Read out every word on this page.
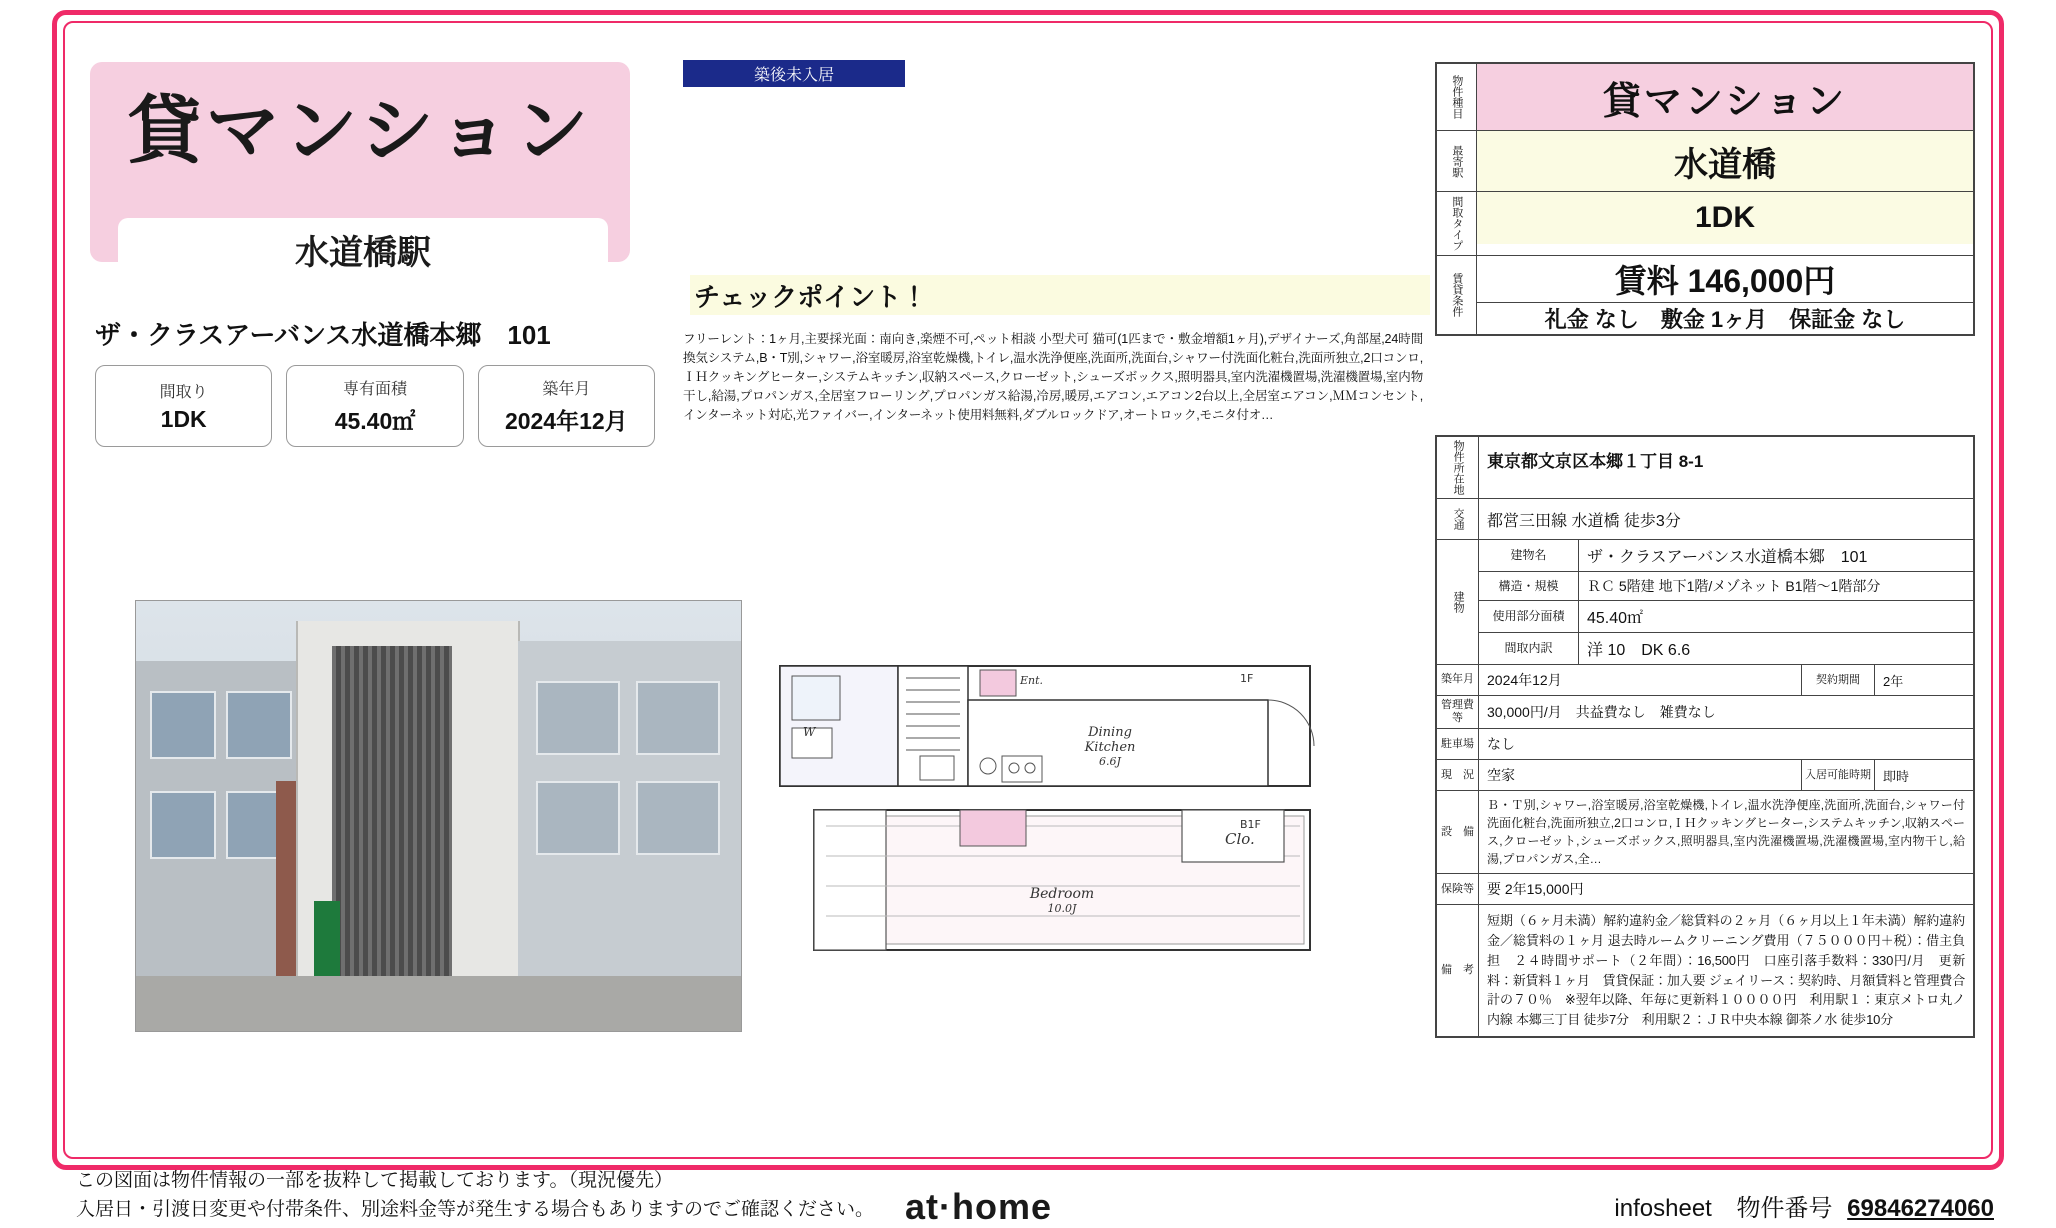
貸マンション
水道橋駅
ザ・クラスアーバンス水道橋本郷　101
間取り
1DK
専有面積
45.40㎡
築年月
2024年12月
築後未入居
チェックポイント！
フリーレント：1ヶ月,主要採光面：南向き,楽煙不可,ペット相談 小型犬可 猫可(1匹まで・敷金増額1ヶ月),デザイナーズ,角部屋,24時間換気システム,B・T別,シャワー,浴室暖房,浴室乾燥機,トイレ,温水洗浄便座,洗面所,洗面台,シャワー付洗面化粧台,洗面所独立,2口コンロ,ＩＨクッキングヒーター,システムキッチン,収納スペース,クローゼット,シューズボックス,照明器具,室内洗濯機置場,洗濯機置場,室内物干し,給湯,プロパンガス,全居室フローリング,プロパンガス給湯,冷房,暖房,エアコン,エアコン2台以上,全居室エアコン,ＭＭコンセント,インターネット対応,光ファイバー,インターネット使用料無料,ダブルロックドア,オートロック,モニタ付オ…
Dining
Kitchen
6.6J
Ent.
W
1F
Clo.
Bedroom
10.0J
B1F
物件種目	貸マンション
最寄駅	水道橋
間取タイプ	1DK
賃貸条件	賃料 146,000円
礼金 なし　敷金 1ヶ月　保証金 なし
物件所在地	東京都文京区本郷１丁目 8-1
交通	都営三田線 水道橋 徒歩3分
建物
建物名	ザ・クラスアーバンス水道橋本郷　101
構造・規模	ＲＣ 5階建 地下1階/メゾネット B1階～1階部分
使用部分面積	45.40㎡
間取内訳	洋 10　DK 6.6
築年月 2024年12月	契約期間	2年
管理費等	30,000円/月　共益費なし　雑費なし
駐車場 なし
現　況 空家	入居可能時期 即時
設　備
Ｂ・Ｔ別,シャワー,浴室暖房,浴室乾燥機,トイレ,温水洗浄便座,洗面所,洗面台,シャワー付洗面化粧台,洗面所独立,2口コンロ,ＩＨクッキングヒーター,システムキッチン,収納スペース,クローゼット,シューズボックス,照明器具,室内洗濯機置場,洗濯機置場,室内物干し,給湯,プロパンガス,全…
保険等 要 2年15,000円
備　考
短期（６ヶ月未満）解約違約金／総賃料の２ヶ月（６ヶ月以上１年未満）解約違約金／総賃料の１ヶ月 退去時ルームクリーニング費用（７５０００円＋税）：借主負担　２４時間サポート（２年間）：16,500円　口座引落手数料：330円/月　更新料：新賃料１ヶ月　賃貸保証：加入要 ジェイリース：契約時、月額賃料と管理費合計の７０％　※翌年以降、年毎に更新料１００００円　利用駅１：東京メトロ丸ノ内線 本郷三丁目 徒歩7分　利用駅２：ＪＲ中央本線 御茶ノ水 徒歩10分
この図面は物件情報の一部を抜粋して掲載しております。（現況優先）
入居日・引渡日変更や付帯条件、別途料金等が発生する場合もありますのでご確認ください。 at·home	infosheet 物件番号 69846274060
